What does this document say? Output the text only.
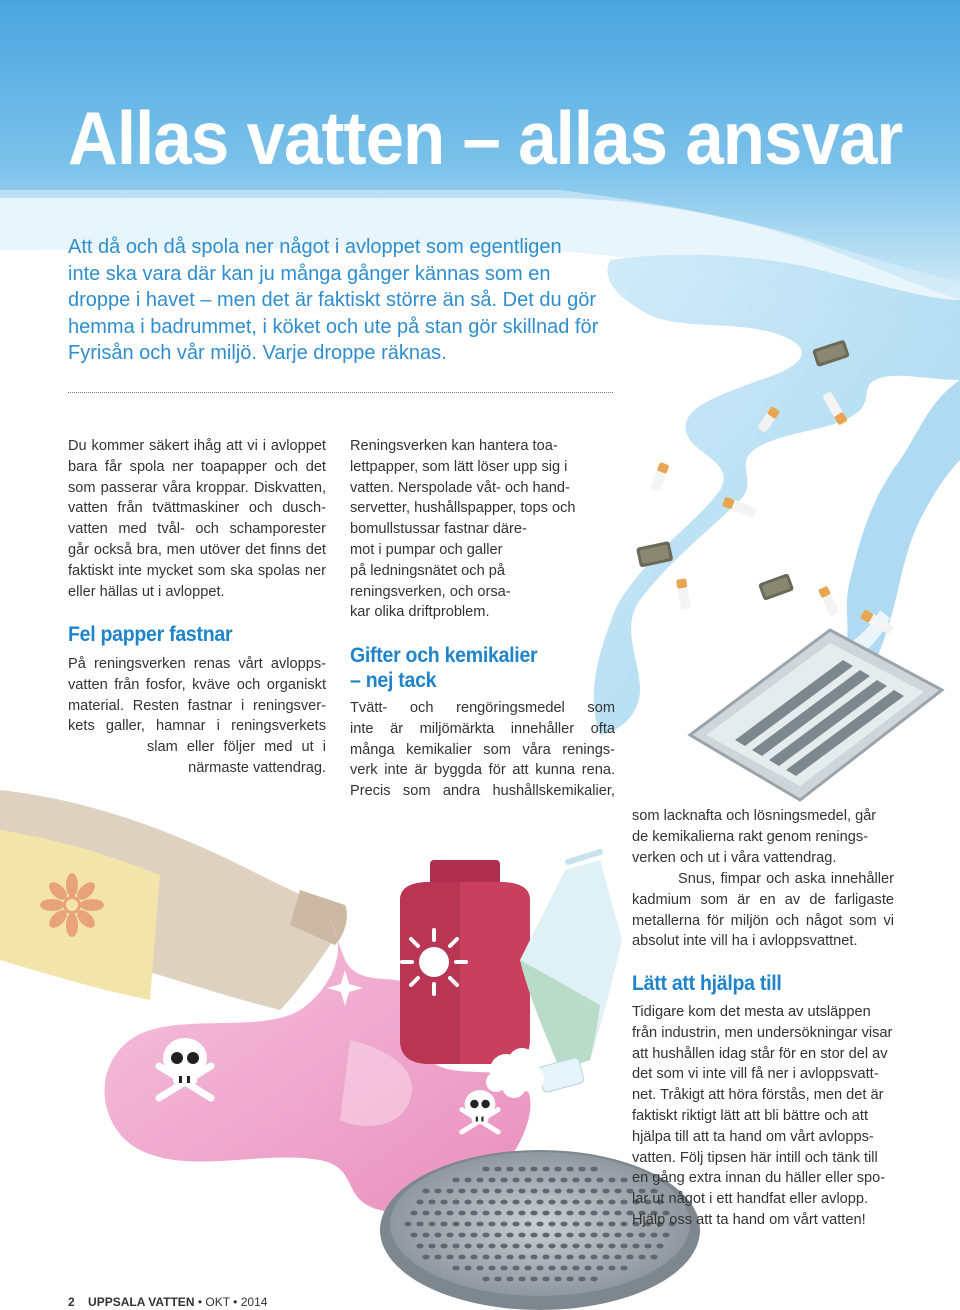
Allas vatten – allas ansvar
Att då och då spola ner något i avloppet som egentligen
inte ska vara där kan ju många gånger kännas som en
droppe i havet – men det är faktiskt större än så. Det du gör
hemma i badrummet, i köket och ute på stan gör skillnad för
Fyrisån och vår miljö. Varje droppe räknas.
Du kommer säkert ihåg att vi i avloppet
bara får spola ner toapapper och det
som passerar våra kroppar. Diskvatten,
vatten från tvättmaskiner och dusch-
vatten med tvål- och schamporester
går också bra, men utöver det finns det
faktiskt inte mycket som ska spolas ner
eller hällas ut i avloppet.
Fel papper fastnar
På reningsverken renas vårt avlopps-
vatten från fosfor, kväve och organiskt
material. Resten fastnar i reningsver-
kets galler, hamnar i reningsverkets
slam eller följer med ut i
närmaste vattendrag.
Reningsverken kan hantera toa-
lettpapper, som lätt löser upp sig i
vatten. Nerspolade våt- och hand-
servetter, hushållspapper, tops och
bomullstussar fastnar däre-
mot i pumpar och galler
på ledningsnätet och på
reningsverken, och orsa-
kar olika driftproblem.
Gifter och kemikalier
– nej tack
Tvätt- och rengöringsmedel som
inte är miljömärkta innehåller ofta
många kemikalier som våra renings-
verk inte är byggda för att kunna rena.
Precis som andra hushållskemikalier,
som lacknafta och lösningsmedel, går
de kemikalierna rakt genom renings-
verken och ut i våra vattendrag.
Snus, fimpar och aska innehåller
kadmium som är en av de farligaste
metallerna för miljön och något som vi
absolut inte vill ha i avloppsvattnet.
Lätt att hjälpa till
Tidigare kom det mesta av utsläppen
från industrin, men undersökningar visar
att hushållen idag står för en stor del av
det som vi inte vill få ner i avloppsvatt-
net. Tråkigt att höra förstås, men det är
faktiskt riktigt lätt att bli bättre och att
hjälpa till att ta hand om vårt avlopps-
vatten. Följ tipsen här intill och tänk till
en gång extra innan du häller eller spo-
lar ut något i ett handfat eller avlopp.
Hjälp oss att ta hand om vårt vatten!
2 UPPSALA VATTEN • OKT • 2014
